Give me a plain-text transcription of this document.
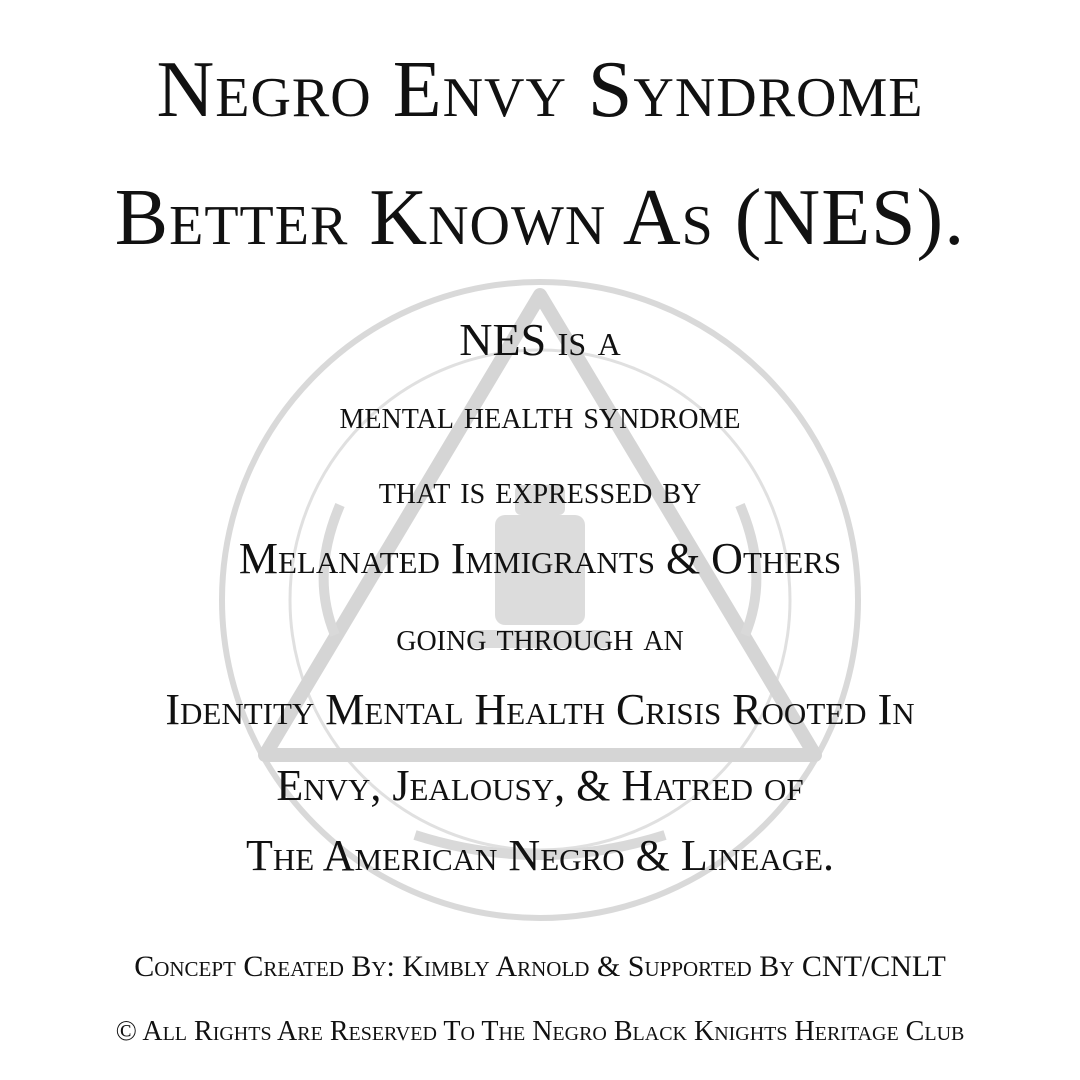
Negro Envy Syndrome
Better Known As (NES).
NES is a
mental health syndrome
that is expressed by
Melanated Immigrants & Others
going through an
Identity Mental Health Crisis Rooted In
Envy, Jealousy, & Hatred of
The American Negro & Lineage.
Concept Created By: Kimbly Arnold & Supported By CNT/CNLT
© All Rights Are Reserved To The Negro Black Knights Heritage Club
